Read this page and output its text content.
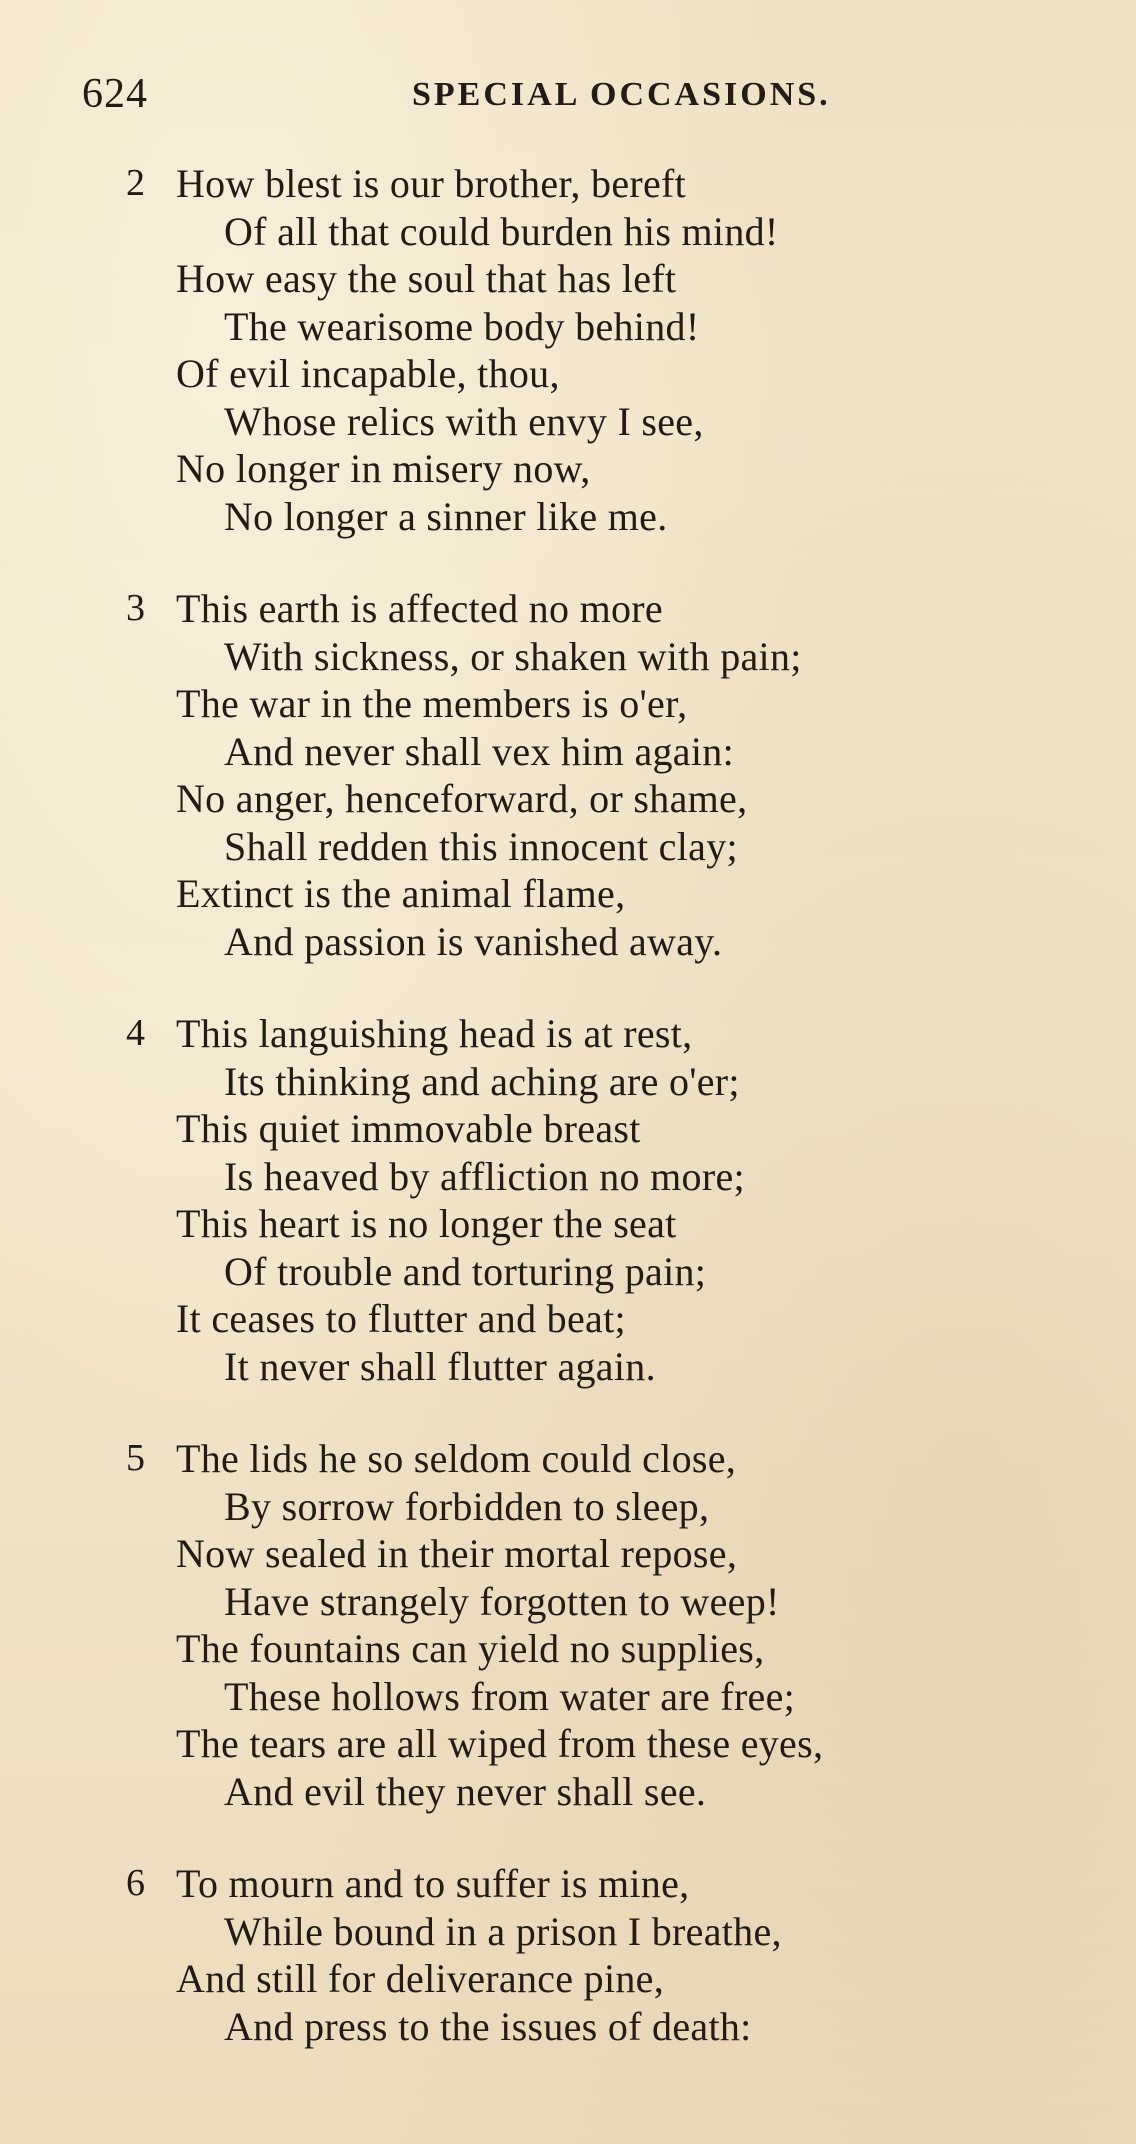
624	SPECIAL OCCASIONS.
2 How blest is our brother, bereft
Of all that could burden his mind!
How easy the soul that has left
The wearisome body behind!
Of evil incapable, thou,
Whose relics with envy I see,
No longer in misery now,
No longer a sinner like me.
3 This earth is affected no more
With sickness, or shaken with pain;
The war in the members is o'er,
And never shall vex him again:
No anger, henceforward, or shame,
Shall redden this innocent clay;
Extinct is the animal flame,
And passion is vanished away.
4 This languishing head is at rest,
Its thinking and aching are o'er;
This quiet immovable breast
Is heaved by affliction no more;
This heart is no longer the seat
Of trouble and torturing pain;
It ceases to flutter and beat;
It never shall flutter again.
5 The lids he so seldom could close,
By sorrow forbidden to sleep,
Now sealed in their mortal repose,
Have strangely forgotten to weep!
The fountains can yield no supplies,
These hollows from water are free;
The tears are all wiped from these eyes,
And evil they never shall see.
6 To mourn and to suffer is mine,
While bound in a prison I breathe,
And still for deliverance pine,
And press to the issues of death:
